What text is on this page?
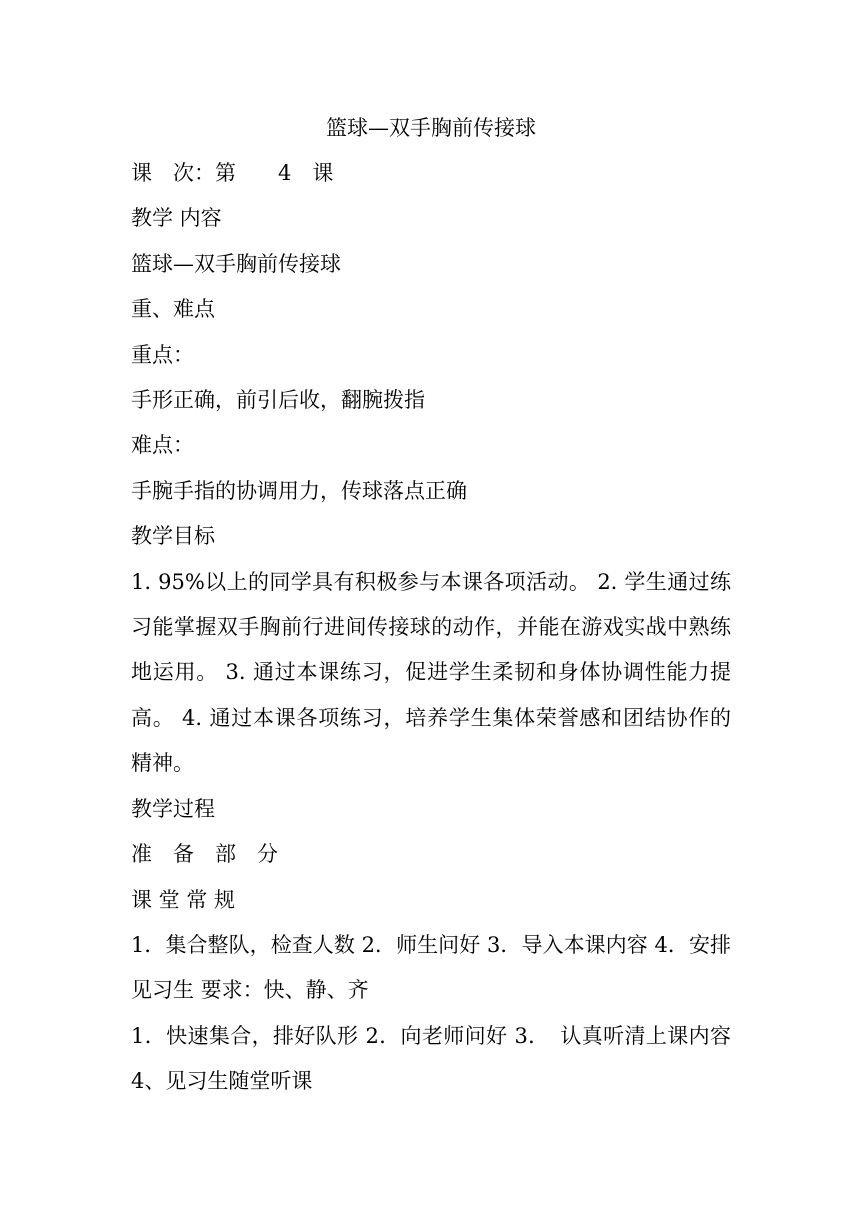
篮球—双手胸前传接球

课　次：第　　4　课

教学 内容

篮球—双手胸前传接球

重、难点

重点：

手形正确，前引后收，翻腕拨指

难点：

手腕手指的协调用力，传球落点正确

教学目标

1. 95%以上的同学具有积极参与本课各项活动。 2. 学生通过练习能掌握双手胸前行进间传接球的动作，并能在游戏实战中熟练地运用。 3. 通过本课练习，促进学生柔韧和身体协调性能力提高。 4. 通过本课各项练习，培养学生集体荣誉感和团结协作的精神。

教学过程

准　备　部　分

课 堂 常 规

1．集合整队，检查人数 2．师生问好 3．导入本课内容 4．安排见习生 要求：快、静、齐

1．快速集合，排好队形 2．向老师问好 3．　认真听清上课内容 4、见习生随堂听课
